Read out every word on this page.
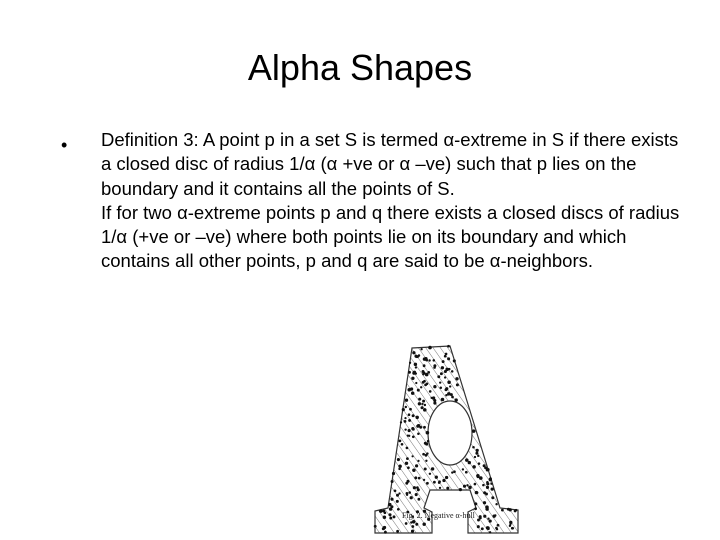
Alpha Shapes
• Definition 3: A point p in a set S is termed α-extreme in S if there exists a closed disc of radius 1/α (α +ve or α –ve) such that p lies on the boundary and it contains all the points of S.

If for two α-extreme points p and q there exists a closed discs of radius 1/α (+ve or –ve) where both points lie on its boundary and which contains all other points, p and q are said to be α-neighbors.

Fig. 2. Negative α-hull
